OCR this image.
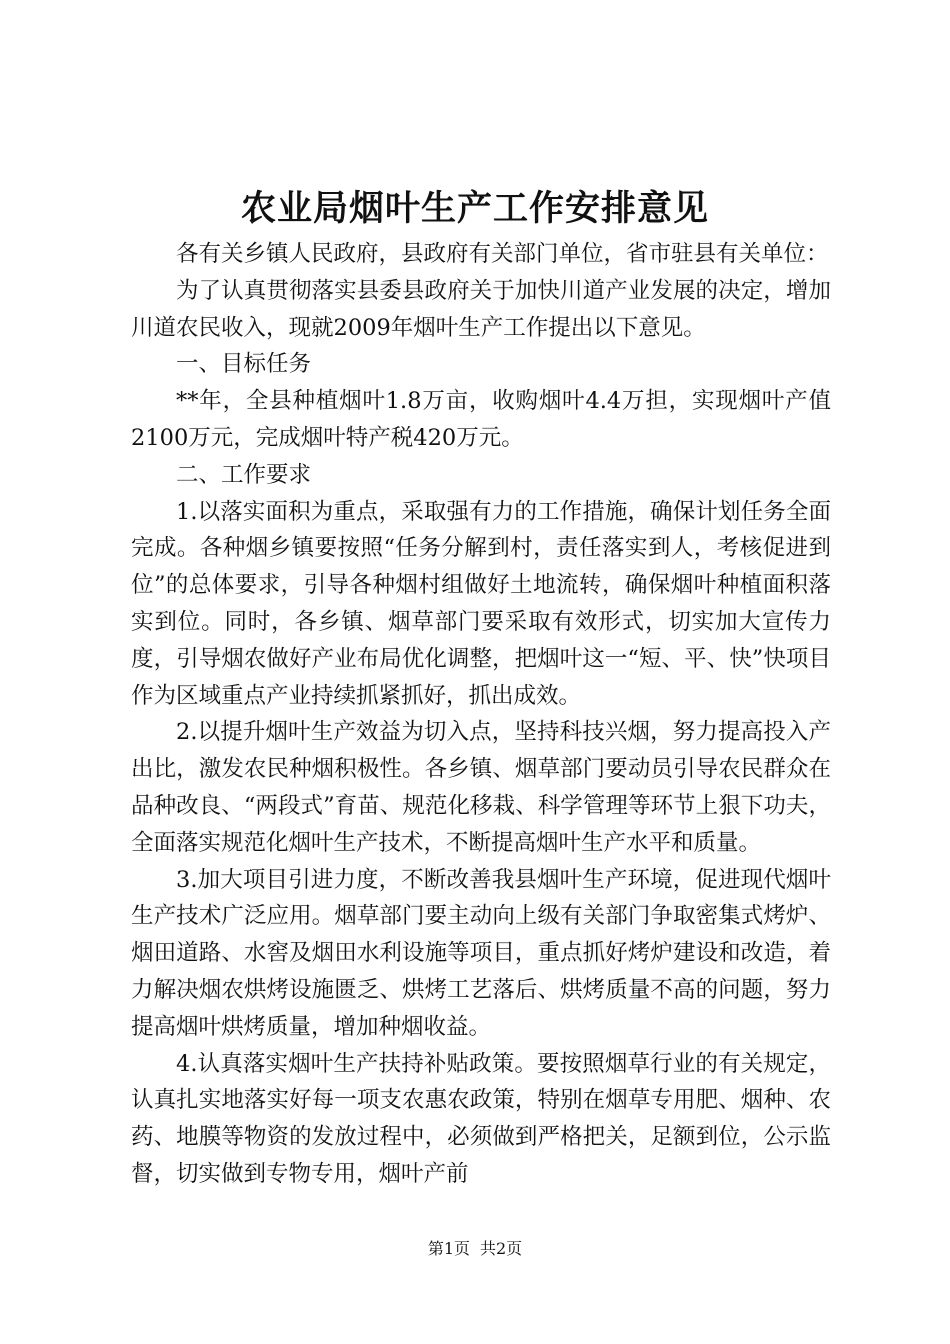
农业局烟叶生产工作安排意见

各有关乡镇人民政府，县政府有关部门单位，省市驻县有关单位：

为了认真贯彻落实县委县政府关于加快川道产业发展的决定，增加川道农民收入，现就2009年烟叶生产工作提出以下意见。

一、目标任务

**年，全县种植烟叶1.8万亩，收购烟叶4.4万担，实现烟叶产值2100万元，完成烟叶特产税420万元。

二、工作要求

1.以落实面积为重点，采取强有力的工作措施，确保计划任务全面完成。各种烟乡镇要按照“任务分解到村，责任落实到人，考核促进到位”的总体要求，引导各种烟村组做好土地流转，确保烟叶种植面积落实到位。同时，各乡镇、烟草部门要采取有效形式，切实加大宣传力度，引导烟农做好产业布局优化调整，把烟叶这一“短、平、快”快项目作为区域重点产业持续抓紧抓好，抓出成效。

2.以提升烟叶生产效益为切入点，坚持科技兴烟，努力提高投入产出比，激发农民种烟积极性。各乡镇、烟草部门要动员引导农民群众在品种改良、“两段式”育苗、规范化移栽、科学管理等环节上狠下功夫，全面落实规范化烟叶生产技术，不断提高烟叶生产水平和质量。

3.加大项目引进力度，不断改善我县烟叶生产环境，促进现代烟叶生产技术广泛应用。烟草部门要主动向上级有关部门争取密集式烤炉、烟田道路、水窖及烟田水利设施等项目，重点抓好烤炉建设和改造，着力解决烟农烘烤设施匮乏、烘烤工艺落后、烘烤质量不高的问题，努力提高烟叶烘烤质量，增加种烟收益。

4.认真落实烟叶生产扶持补贴政策。要按照烟草行业的有关规定，认真扎实地落实好每一项支农惠农政策，特别在烟草专用肥、烟种、农药、地膜等物资的发放过程中，必须做到严格把关，足额到位，公示监督，切实做到专物专用，烟叶产前

第1页 共2页
